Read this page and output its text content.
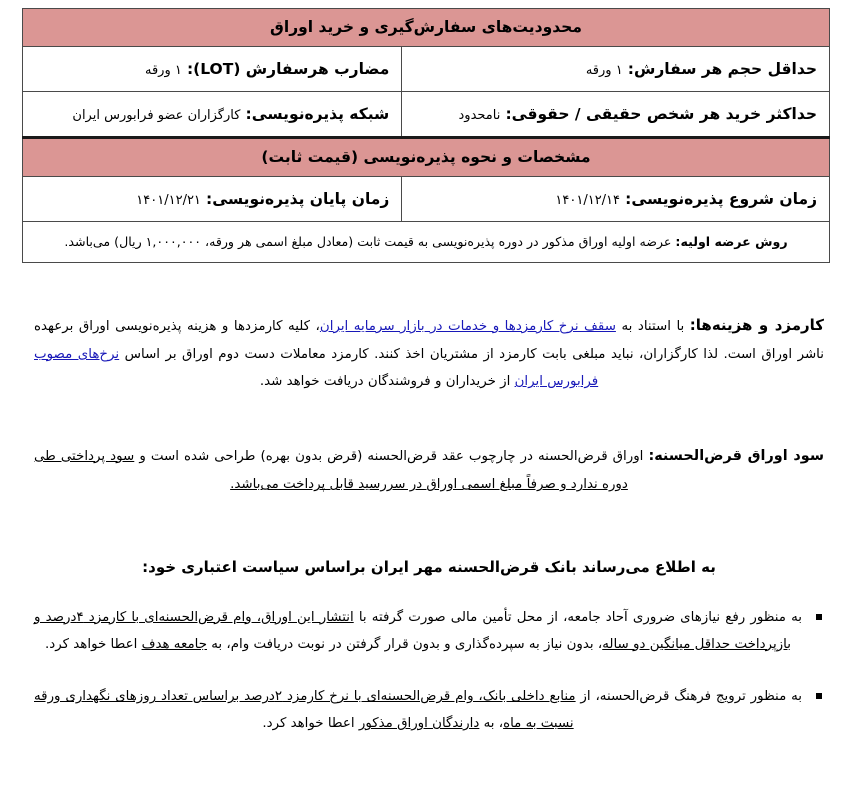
محدودیت‌های سفارش‌گیری و خرید اوراق	

حداقل حجم هر سفارش: ۱ ورقه	مضارب هرسفارش (LOT): ۱ ورقه

حداکثر خرید هر شخص حقیقی / حقوقی: نامحدود	شبکه پذیره‌نویسی: کارگزاران عضو فرابورس ایران

مشخصات و نحوه پذیره‌نویسی (قیمت ثابت)	

زمان شروع پذیره‌نویسی: ۱۴۰۱/۱۲/۱۴	زمان پایان پذیره‌نویسی: ۱۴۰۱/۱۲/۲۱

روش عرضه اولیه: عرضه اولیه اوراق مذکور در دوره پذیره‌نویسی به قیمت ثابت (معادل مبلغ اسمی هر ورقه، ۱,۰۰۰,۰۰۰ ریال) می‌باشد.	

کارمزد و هزینه‌ها: با استناد به سقف نرخ کارمزدها و خدمات در بازار سرمایه ایران، کلیه کارمزدها و هزینه پذیره‌نویسی اوراق برعهده ناشر اوراق است. لذا کارگزاران، نباید مبلغی بابت کارمزد از مشتریان اخذ کنند. کارمزد معاملات دست دوم اوراق بر اساس نرخ‌های مصوب فرابورس ایران از خریداران و فروشندگان دریافت خواهد شد.

سود اوراق قرض‌الحسنه: اوراق قرض‌الحسنه در چارچوب عقد قرض‌الحسنه (قرض بدون بهره) طراحی شده است و سود پرداختی طی دوره ندارد و صرفاً مبلغ اسمی اوراق در سررسید قابل پرداخت می‌باشد.

به اطلاع می‌رساند بانک قرض‌الحسنه مهر ایران براساس سیاست اعتباری خود:
به منظور رفع نیازهای ضروری آحاد جامعه، از محل تأمین مالی صورت گرفته با انتشار این اوراق، وام قرض‌الحسنه‌ای با کارمزد ۴درصد و بازپرداخت حداقل میانگین دو ساله، بدون نیاز به سپرده‌گذاری و بدون قرار گرفتن در نوبت دریافت وام، به جامعه هدف اعطا خواهد کرد.
به منظور ترویج فرهنگ قرض‌الحسنه، از منابع داخلی بانک، وام قرض‌الحسنه‌ای با نرخ کارمزد ۲درصد براساس تعداد روزهای نگهداری ورقه نسبت به ماه، به دارندگان اوراق مذکور اعطا خواهد کرد.
